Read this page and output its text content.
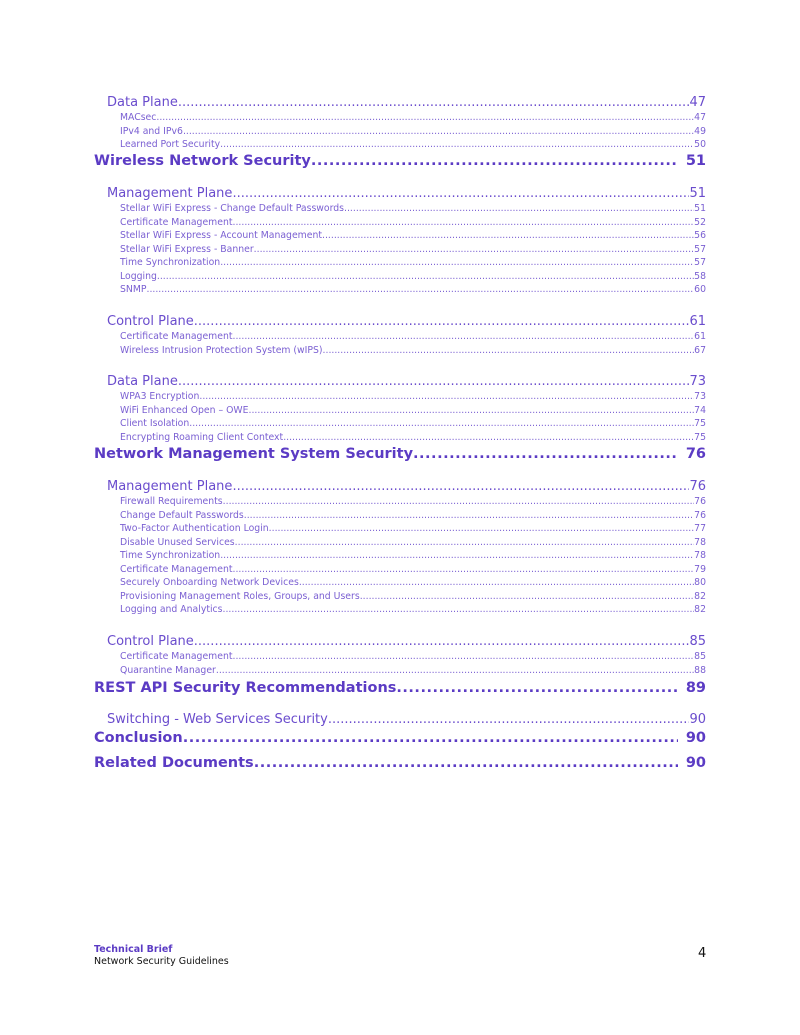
Data Plane .....	47
MACsec .....	47
IPv4 and IPv6 .....	49
Learned Port Security .....	50
Wireless Network Security .....	51
Management Plane .....	51
Stellar WiFi Express - Change Default Passwords .....	51
Certificate Management .....	52
Stellar WiFi Express - Account Management .....	56
Stellar WiFi Express - Banner .....	57
Time Synchronization .....	57
Logging .....	58
SNMP .....	60
Control Plane .....	61
Certificate Management .....	61
Wireless Intrusion Protection System (wIPS) .....	67
Data Plane .....	73
WPA3 Encryption .....	73
WiFi Enhanced Open – OWE .....	74
Client Isolation .....	75
Encrypting Roaming Client Context .....	75
Network Management System Security .....	76
Management Plane .....	76
Firewall Requirements .....	76
Change Default Passwords .....	76
Two-Factor Authentication Login .....	77
Disable Unused Services .....	78
Time Synchronization .....	78
Certificate Management .....	79
Securely Onboarding Network Devices .....	80
Provisioning Management Roles, Groups, and Users .....	82
Logging and Analytics .....	82
Control Plane .....	85
Certificate Management .....	85
Quarantine Manager .....	88
REST API Security Recommendations .....	89
Switching - Web Services Security .....	90
Conclusion .....	90
Related Documents .....	90
Technical Brief
Network Security Guidelines
4
